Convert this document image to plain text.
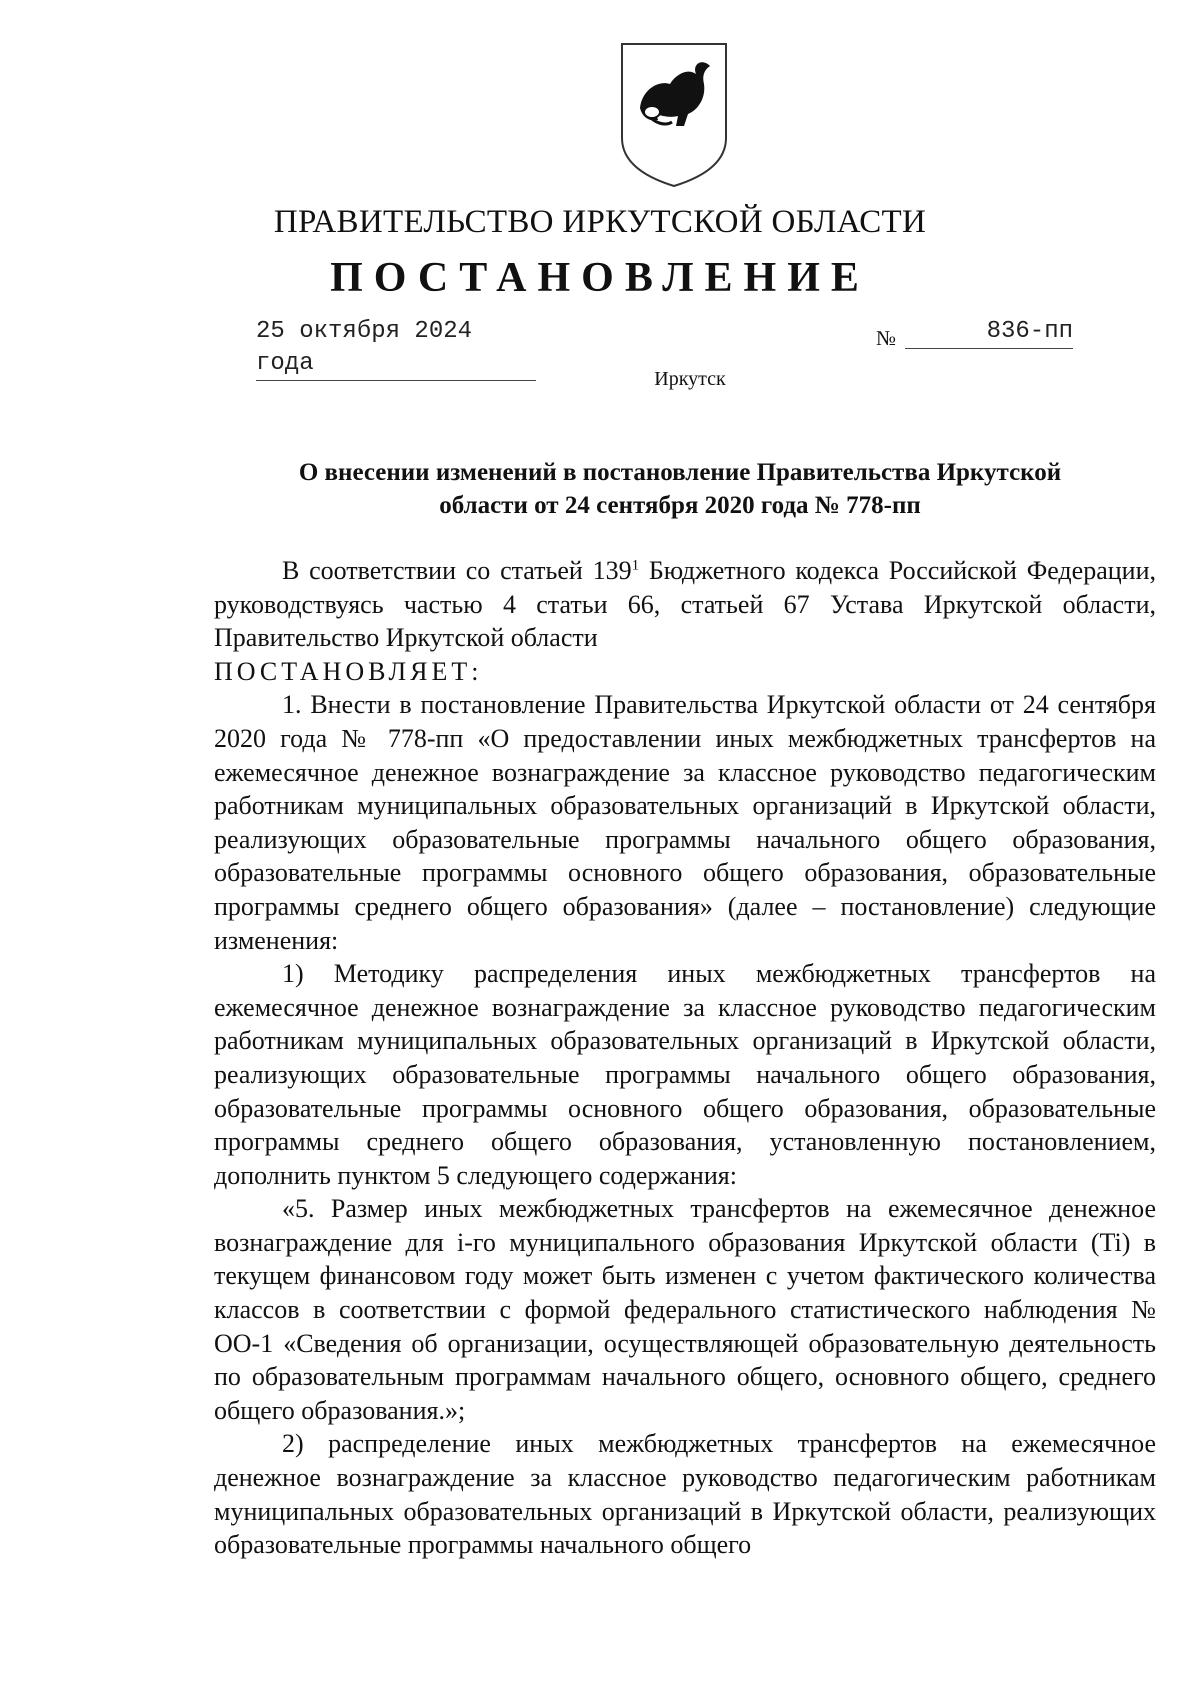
ПРАВИТЕЛЬСТВО ИРКУТСКОЙ ОБЛАСТИ
ПОСТАНОВЛЕНИЕ
25 октября 2024 года
№	836-пп
Иркутск
О внесении изменений в постановление Правительства Иркутской
области от 24 сентября 2020 года № 778-пп

В соответствии со статьей $139^1$ Бюджетного кодекса Российской Федерации, руководствуясь частью 4 статьи 66, статьей 67 Устава Иркутской области, Правительство Иркутской области

ПОСТАНОВЛЯЕТ:

1. Внести в постановление Правительства Иркутской области от 24 сентября 2020 года № 778-пп «О предоставлении иных межбюджетных трансфертов на ежемесячное денежное вознаграждение за классное руководство педагогическим работникам муниципальных образовательных организаций в Иркутской области, реализующих образовательные программы начального общего образования, образовательные программы основного общего образования, образовательные программы среднего общего образования» (далее – постановление) следующие изменения:

1) Методику распределения иных межбюджетных трансфертов на ежемесячное денежное вознаграждение за классное руководство педагогическим работникам муниципальных образовательных организаций в Иркутской области, реализующих образовательные программы начального общего образования, образовательные программы основного общего образования, образовательные программы среднего общего образования, установленную постановлением, дополнить пунктом 5 следующего содержания:

«5. Размер иных межбюджетных трансфертов на ежемесячное денежное вознаграждение для i-го муниципального образования Иркутской области (Ti) в текущем финансовом году может быть изменен с учетом фактического количества классов в соответствии с формой федерального статистического наблюдения № ОО-1 «Сведения об организации, осуществляющей образовательную деятельность по образовательным программам начального общего, основного общего, среднего общего образования.»;

2) распределение иных межбюджетных трансфертов на ежемесячное денежное вознаграждение за классное руководство педагогическим работникам муниципальных образовательных организаций в Иркутской области, реализующих образовательные программы начального общего
